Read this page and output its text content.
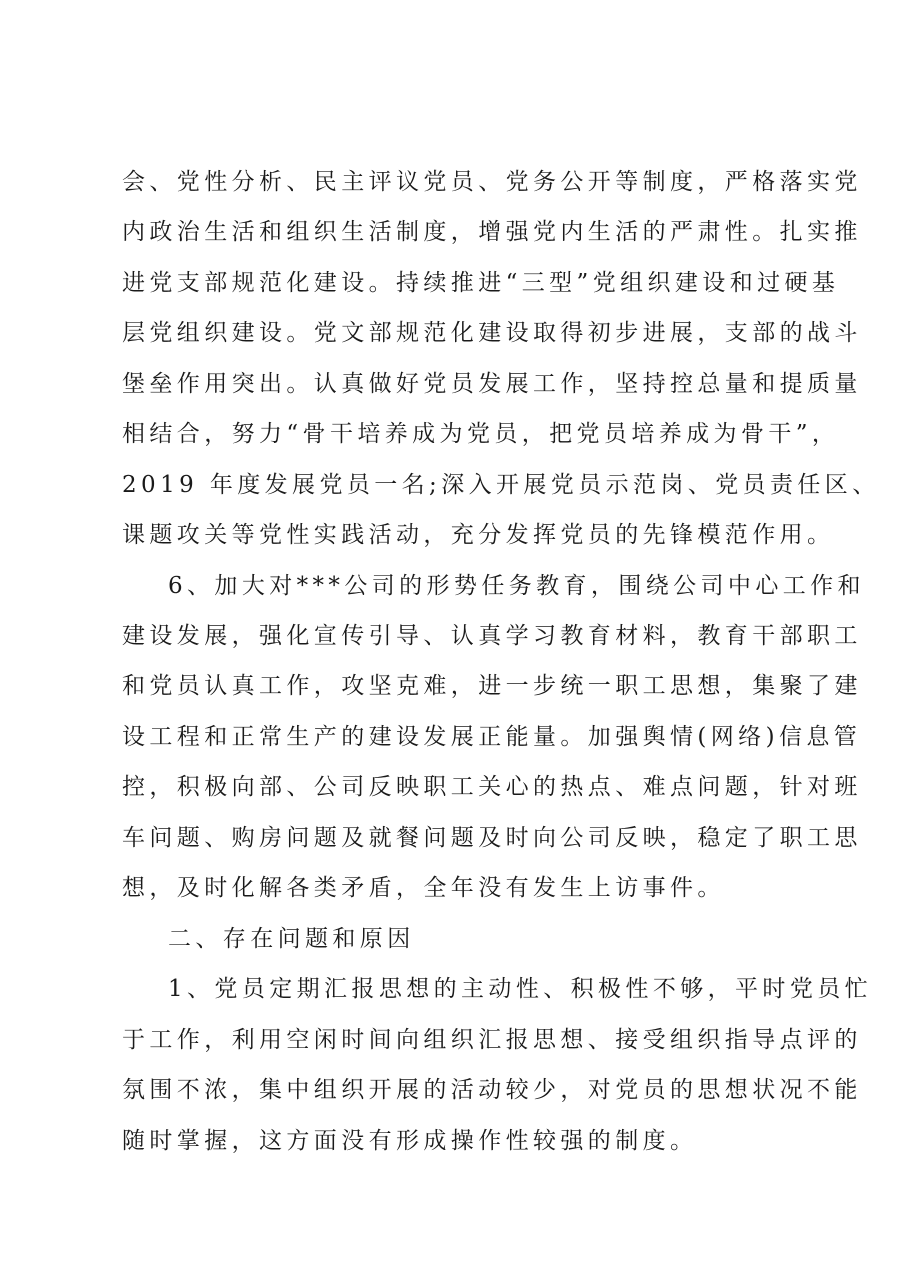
会、党性分析、民主评议党员、党务公开等制度，严格落实党
内政治生活和组织生活制度，增强党内生活的严肃性。扎实推
进党支部规范化建设。持续推进“三型”党组织建设和过硬基
层党组织建设。党文部规范化建设取得初步进展，支部的战斗
堡垒作用突出。认真做好党员发展工作，坚持控总量和提质量
相结合，努力“骨干培养成为党员，把党员培养成为骨干”，
2019 年度发展党员一名;深入开展党员示范岗、党员责任区、
课题攻关等党性实践活动，充分发挥党员的先锋模范作用。
6、加大对***公司的形势任务教育，围绕公司中心工作和
建设发展，强化宣传引导、认真学习教育材料，教育干部职工
和党员认真工作，攻坚克难，进一步统一职工思想，集聚了建
设工程和正常生产的建设发展正能量。加强舆情(网络)信息管
控，积极向部、公司反映职工关心的热点、难点问题，针对班
车问题、购房问题及就餐问题及时向公司反映，稳定了职工思
想，及时化解各类矛盾，全年没有发生上访事件。
二、存在问题和原因
1、党员定期汇报思想的主动性、积极性不够，平时党员忙
于工作，利用空闲时间向组织汇报思想、接受组织指导点评的
氛围不浓，集中组织开展的活动较少，对党员的思想状况不能
随时掌握，这方面没有形成操作性较强的制度。
